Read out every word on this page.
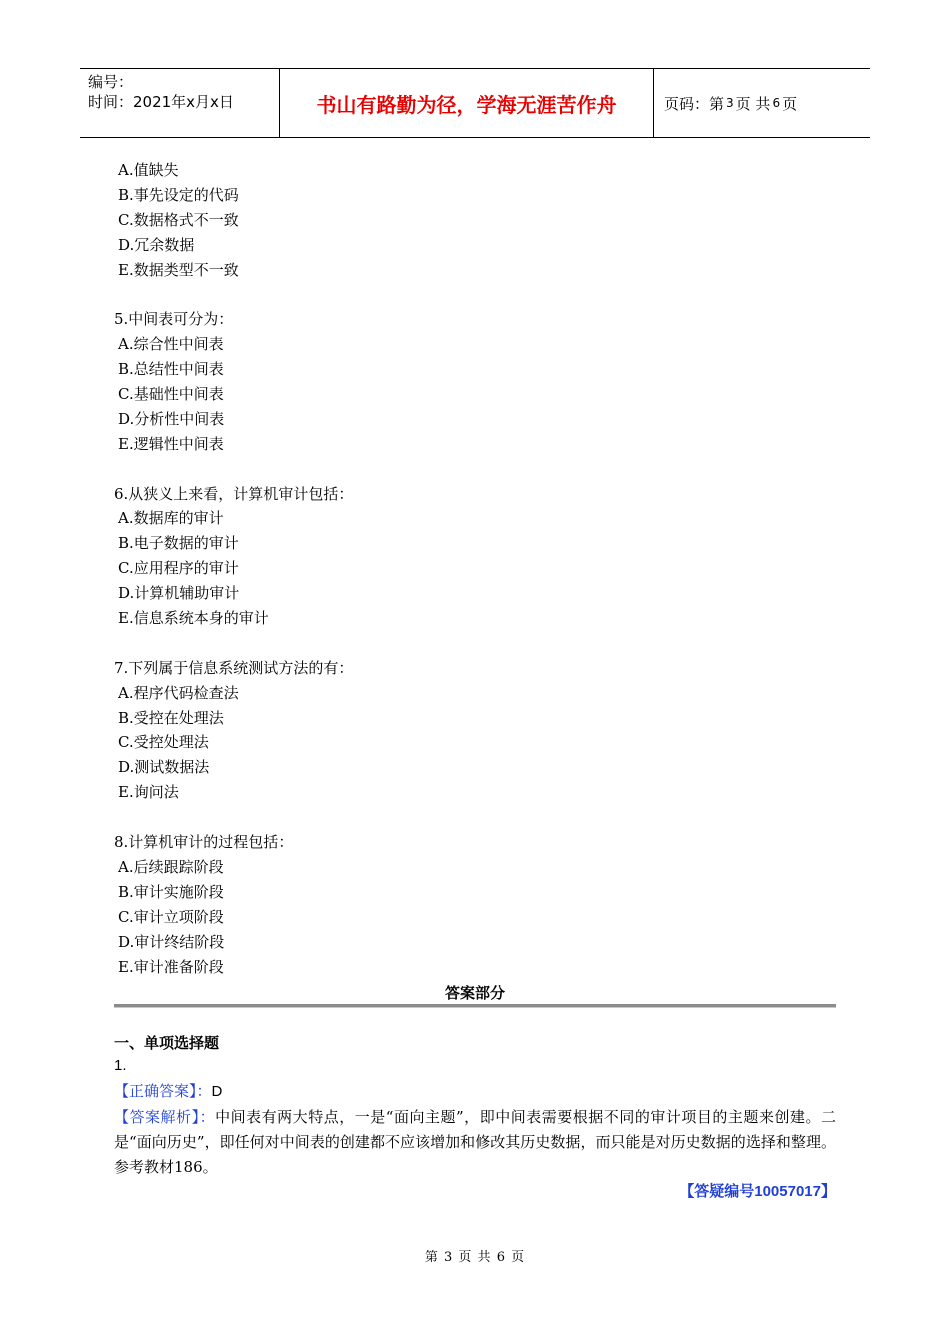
编号：
时间：2021年x月x日	书山有路勤为径，学海无涯苦作舟	页码：第 3 页 共 6 页
A.值缺失
B.事先设定的代码
C.数据格式不一致
D.冗余数据
E.数据类型不一致
5.中间表可分为：
A.综合性中间表
B.总结性中间表
C.基础性中间表
D.分析性中间表
E.逻辑性中间表
6.从狭义上来看，计算机审计包括：
A.数据库的审计
B.电子数据的审计
C.应用程序的审计
D.计算机辅助审计
E.信息系统本身的审计
7.下列属于信息系统测试方法的有：
A.程序代码检查法
B.受控在处理法
C.受控处理法
D.测试数据法
E.询问法
8.计算机审计的过程包括：
A.后续跟踪阶段
B.审计实施阶段
C.审计立项阶段
D.审计终结阶段
E.审计准备阶段
答案部分
一、单项选择题
1.
【正确答案】：D
【答案解析】：中间表有两大特点，一是“面向主题”，即中间表需要根据不同的审计项目的主题来创建。二是“面向历史”，即任何对中间表的创建都不应该增加和修改其历史数据，而只能是对历史数据的选择和整理。参考教材186。
【答疑编号10057017】
第 3 页 共 6 页
